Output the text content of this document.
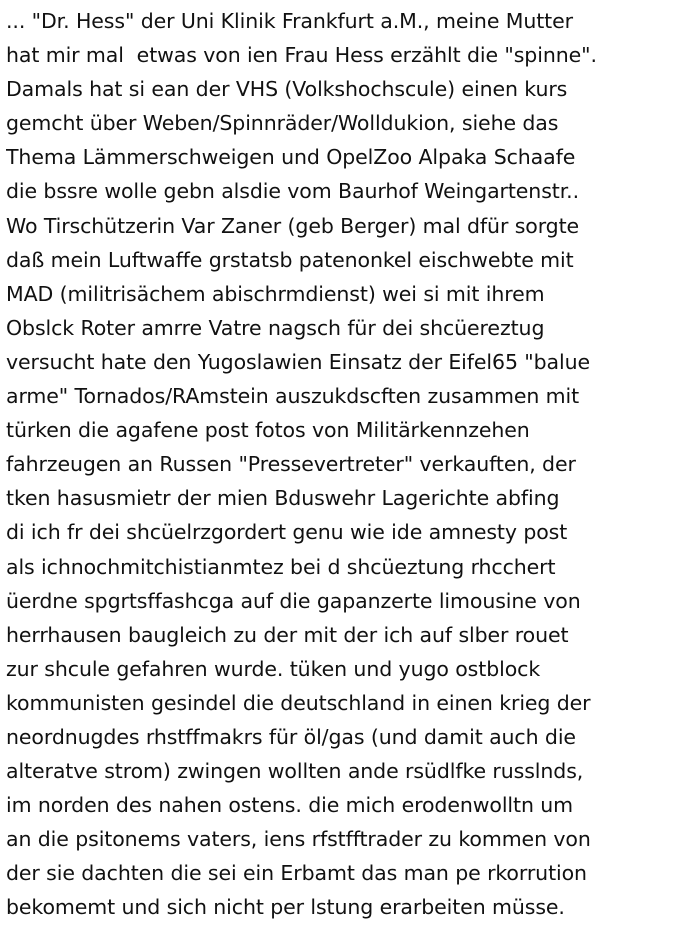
... "Dr. Hess" der Uni Klinik Frankfurt a.M., meine Mutter
hat mir mal  etwas von ien Frau Hess erzählt die "spinne".
Damals hat si ean der VHS (Volkshochscule) einen kurs
gemcht über Weben/Spinnräder/Wolldukion, siehe das
Thema Lämmerschweigen und OpelZoo Alpaka Schaafe
die bssre wolle gebn alsdie vom Baurhof Weingartenstr..
Wo Tirschützerin Var Zaner (geb Berger) mal dfür sorgte
daß mein Luftwaffe grstatsb patenonkel eischwebte mit
MAD (militrisächem abischrmdienst) wei si mit ihrem
Obslck Roter amrre Vatre nagsch für dei shcüereztug
versucht hate den Yugoslawien Einsatz der Eifel65 "balue
arme" Tornados/RAmstein auszukdscften zusammen mit
türken die agafene post fotos von Militärkennzehen
fahrzeugen an Russen "Pressevertreter" verkauften, der
tken hasusmietr der mien Bduswehr Lagerichte abfing
di ich fr dei shcüelrzgordert genu wie ide amnesty post
als ichnochmitchistianmtez bei d shcüeztung rhcchert
üerdne spgrtsffashcga auf die gapanzerte limousine von
herrhausen baugleich zu der mit der ich auf slber rouet
zur shcule gefahren wurde. tüken und yugo ostblock
kommunisten gesindel die deutschland in einen krieg der
neordnugdes rhstffmakrs für öl/gas (und damit auch die
alteratve strom) zwingen wollten ande rsüdlfke russlnds,
im norden des nahen ostens. die mich erodenwolltn um
an die psitonems vaters, iens rfstfftrader zu kommen von
der sie dachten die sei ein Erbamt das man pe rkorrution
bekomemt und sich nicht per lstung erarbeiten müsse.
